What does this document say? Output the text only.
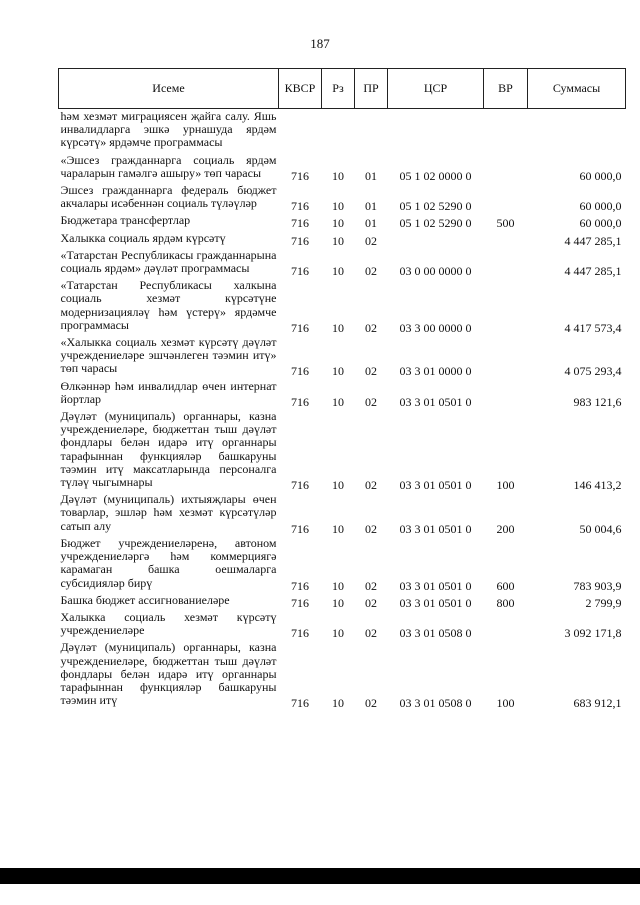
187
Исеме	КВСР	Рз	ПР	ЦСР	ВР	Суммасы
һәм хезмәт миграциясен җайга салу. Яшь инвалидларга эшкә урнашуда ярдәм күрсәтү» ярдәмче программасы						
«Эшсез гражданнарга социаль ярдәм чараларын гамәлгә ашыру» төп чарасы	716	10	01	05 1 02 0000 0		60 000,0
Эшсез гражданнарга федераль бюджет акчалары исәбеннән социаль түләүләр	716	10	01	05 1 02 5290 0		60 000,0
Бюджетара трансфертлар	716	10	01	05 1 02 5290 0	500	60 000,0
Халыкка социаль ярдәм күрсәтү	716	10	02			4 447 285,1
«Татарстан Республикасы гражданнарына социаль ярдәм» дәүләт программасы	716	10	02	03 0 00 0000 0		4 447 285,1
«Татарстан Республикасы халкына социаль хезмәт күрсәтүне модернизацияләү һәм үстерү» ярдәмче программасы	716	10	02	03 3 00 0000 0		4 417 573,4
«Халыкка социаль хезмәт күрсәтү дәүләт учреждениеләре эшчәнлеген тәэмин итү» төп чарасы	716	10	02	03 3 01 0000 0		4 075 293,4
Өлкәннәр һәм инвалидлар өчен интернат йортлар	716	10	02	03 3 01 0501 0		983 121,6
Дәүләт (муниципаль) органнары, казна учреждениеләре, бюджеттан тыш дәүләт фондлары белән идарә итү органнары тарафыннан функцияләр башкаруны тәэмин итү максатларында персоналга түләү чыгымнары	716	10	02	03 3 01 0501 0	100	146 413,2
Дәүләт (муниципаль) ихтыяҗлары өчен товарлар, эшләр һәм хезмәт күрсәтүләр сатып алу	716	10	02	03 3 01 0501 0	200	50 004,6
Бюджет учреждениеләренә, автоном учреждениеләргә һәм коммерциягә карамаган башка оешмаларга субсидияләр бирү	716	10	02	03 3 01 0501 0	600	783 903,9
Башка бюджет ассигнованиеләре	716	10	02	03 3 01 0501 0	800	2 799,9
Халыкка социаль хезмәт күрсәтү учреждениеләре	716	10	02	03 3 01 0508 0		3 092 171,8
Дәүләт (муниципаль) органнары, казна учреждениеләре, бюджеттан тыш дәүләт фондлары белән идарә итү органнары тарафыннан функцияләр башкаруны тәэмин итү	716	10	02	03 3 01 0508 0	100	683 912,1
